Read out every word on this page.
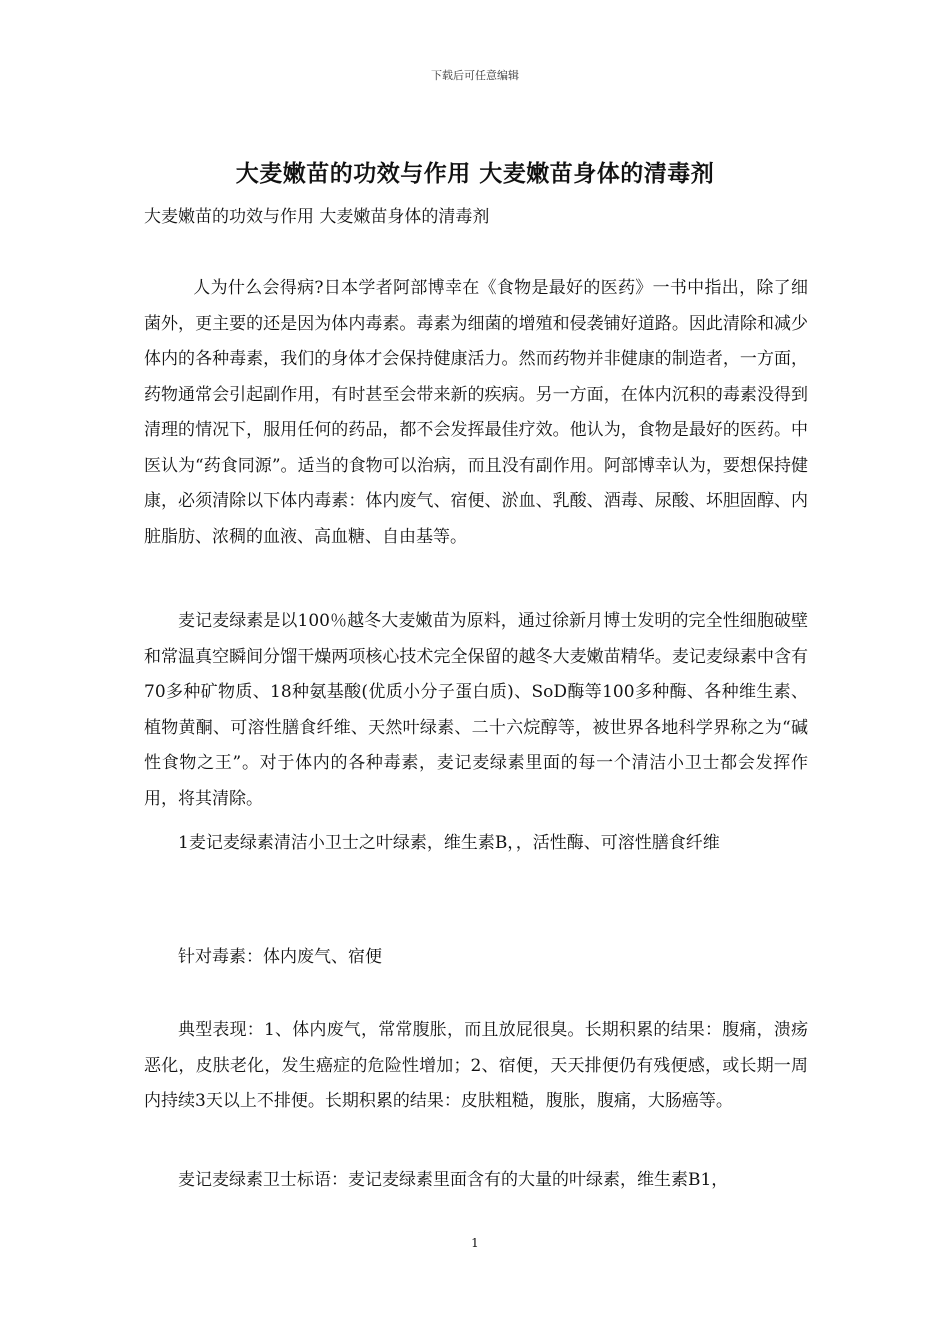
下载后可任意编辑
大麦嫩苗的功效与作用 大麦嫩苗身体的清毒剂

大麦嫩苗的功效与作用 大麦嫩苗身体的清毒剂

人为什么会得病?日本学者阿部博幸在《食物是最好的医药》一书中指出，除了细菌外，更主要的还是因为体内毒素。毒素为细菌的增殖和侵袭铺好道路。因此清除和减少体内的各种毒素，我们的身体才会保持健康活力。然而药物并非健康的制造者，一方面，药物通常会引起副作用，有时甚至会带来新的疾病。另一方面，在体内沉积的毒素没得到清理的情况下，服用任何的药品，都不会发挥最佳疗效。他认为，食物是最好的医药。中医认为“药食同源”。适当的食物可以治病，而且没有副作用。阿部博幸认为，要想保持健康，必须清除以下体内毒素：体内废气、宿便、淤血、乳酸、酒毒、尿酸、坏胆固醇、内脏脂肪、浓稠的血液、高血糖、自由基等。

麦记麦绿素是以100％越冬大麦嫩苗为原料，通过徐新月博士发明的完全性细胞破壁和常温真空瞬间分馏干燥两项核心技术完全保留的越冬大麦嫩苗精华。麦记麦绿素中含有70多种矿物质、18种氨基酸(优质小分子蛋白质)、SoD酶等100多种酶、各种维生素、植物黄酮、可溶性膳食纤维、天然叶绿素、二十六烷醇等，被世界各地科学界称之为“碱性食物之王”。对于体内的各种毒素，麦记麦绿素里面的每一个清洁小卫士都会发挥作用，将其清除。

1麦记麦绿素清洁小卫士之叶绿素，维生素B，，活性酶、可溶性膳食纤维

针对毒素：体内废气、宿便

典型表现：1、体内废气，常常腹胀，而且放屁很臭。长期积累的结果：腹痛，溃疡恶化，皮肤老化，发生癌症的危险性增加；2、宿便，天天排便仍有残便感，或长期一周内持续3天以上不排便。长期积累的结果：皮肤粗糙，腹胀，腹痛，大肠癌等。

麦记麦绿素卫士标语：麦记麦绿素里面含有的大量的叶绿素，维生素B1，

1
